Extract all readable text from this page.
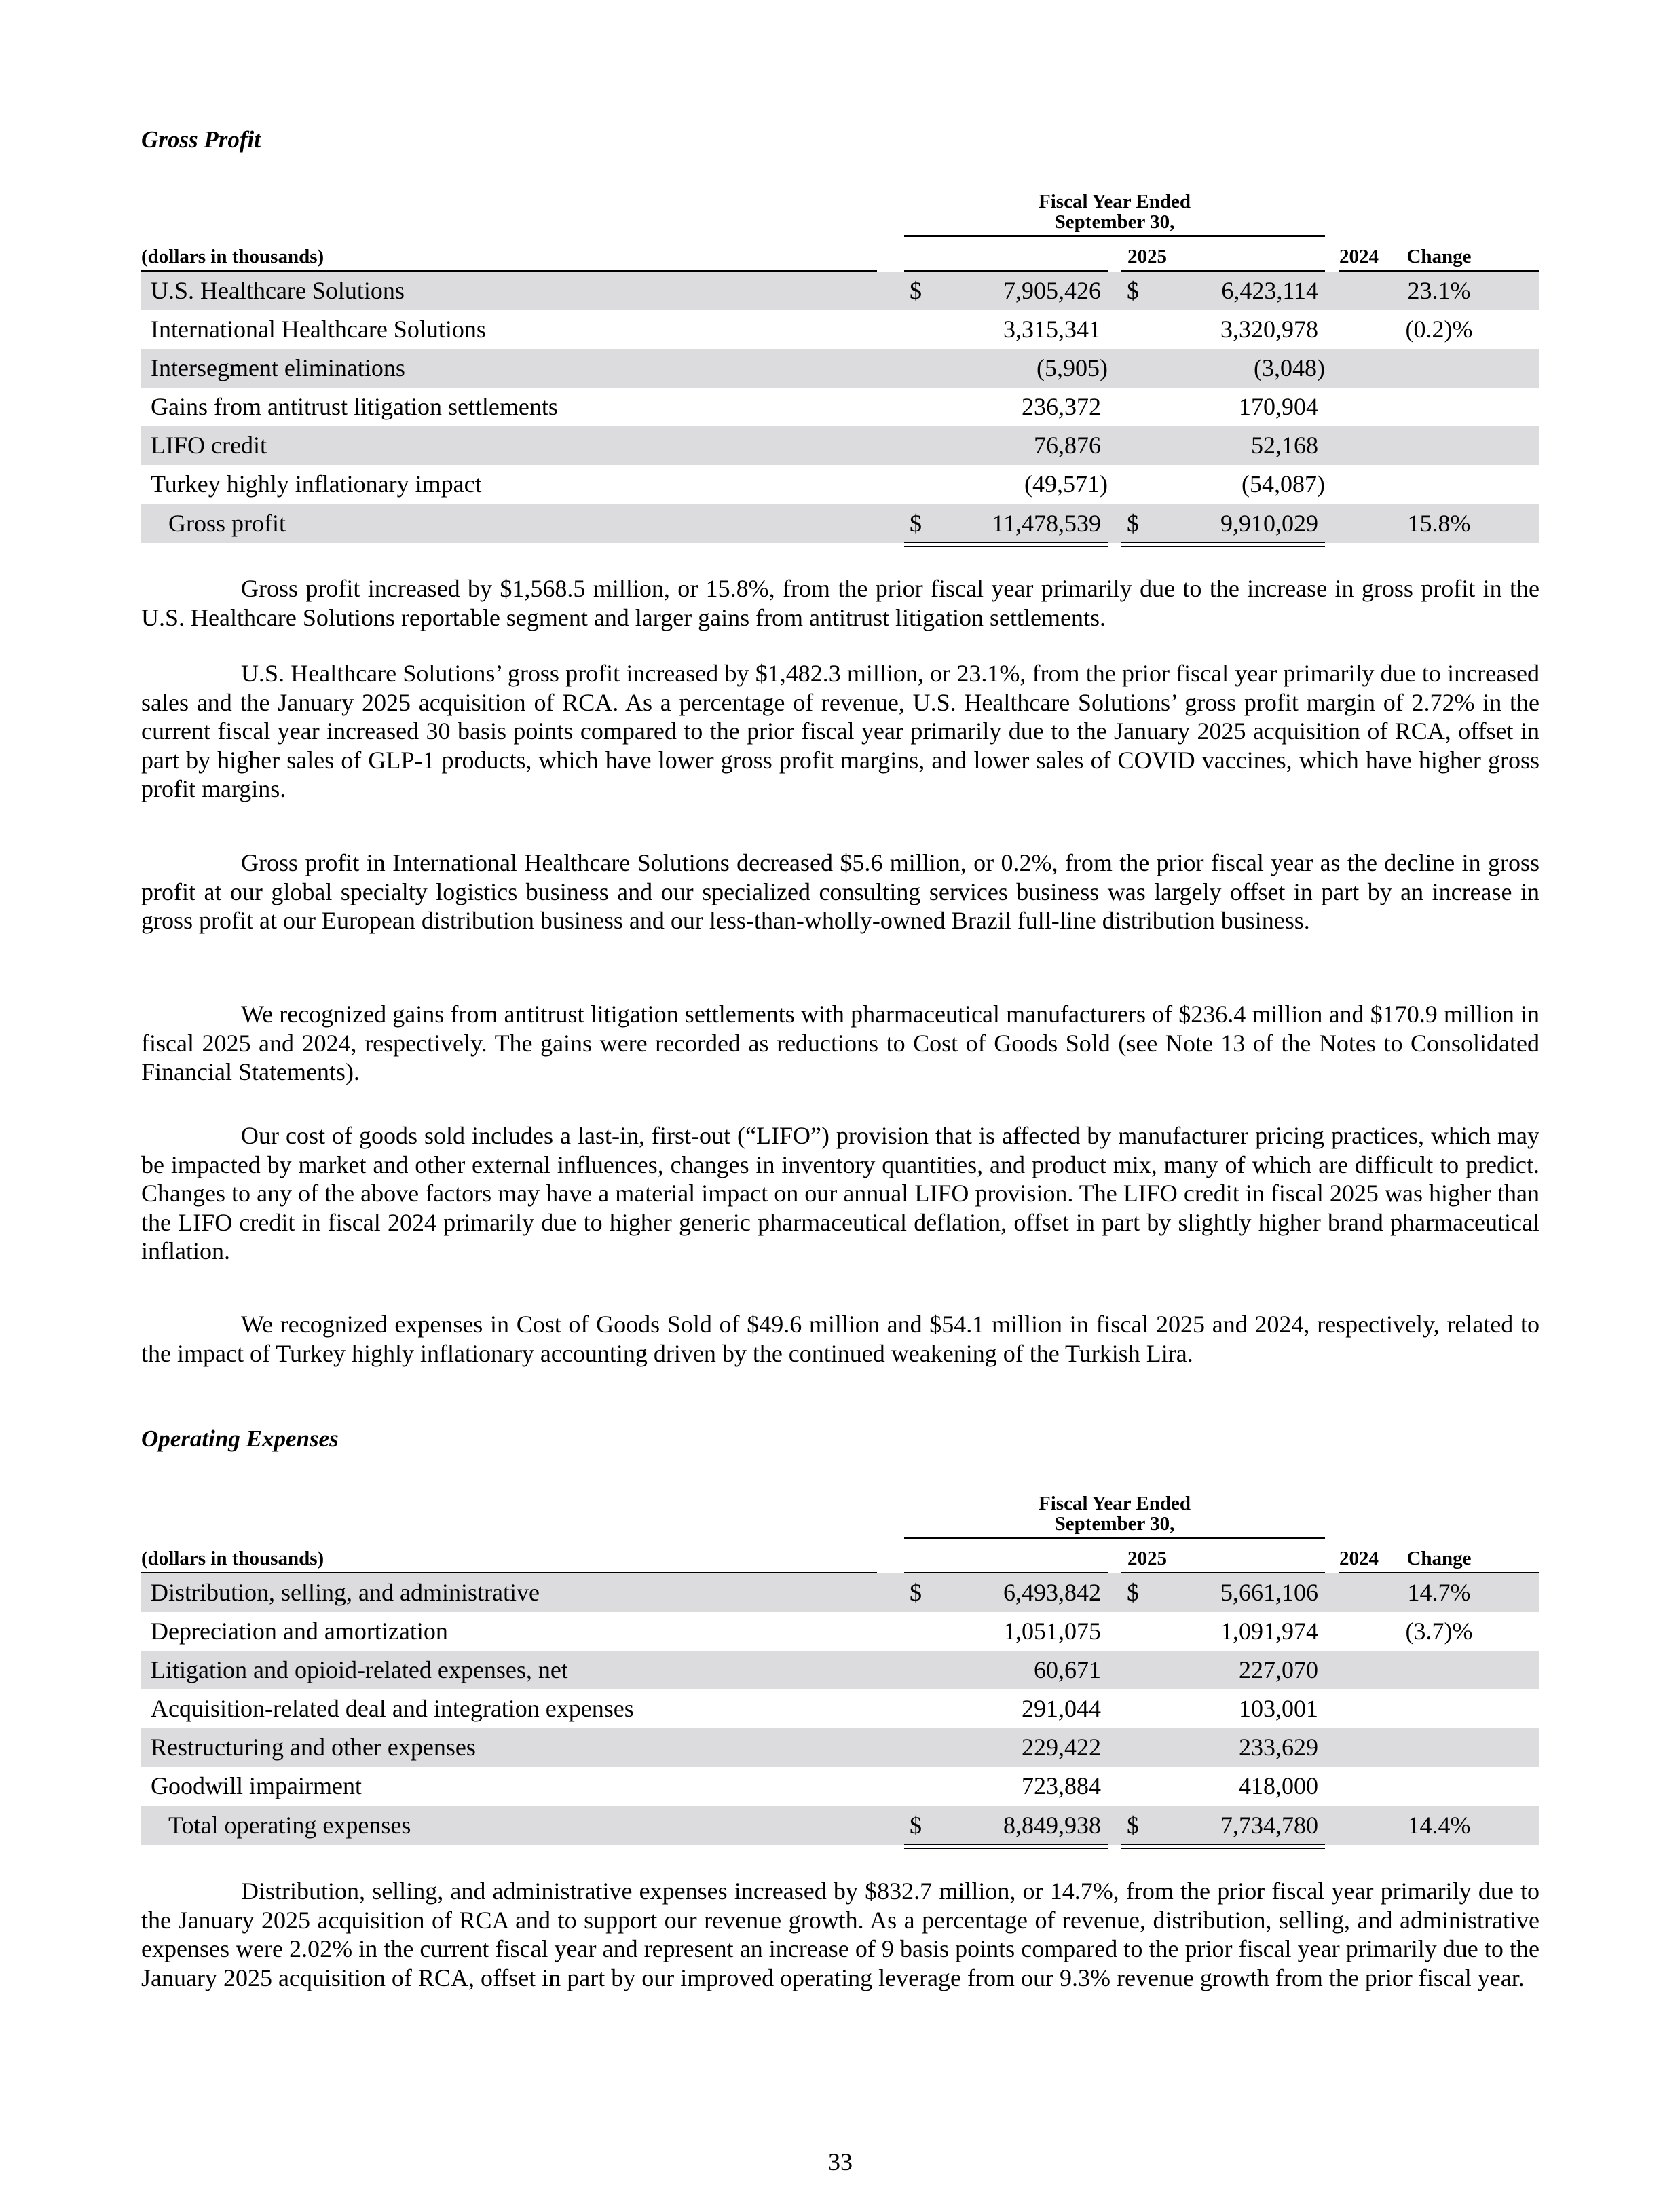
Gross Profit
Fiscal Year Ended
September 30,
(dollars in thousands)	2025	2024	Change
U.S. Healthcare Solutions	$	7,905,426 $	6,423,114	23.1%
International Healthcare Solutions	3,315,341	3,320,978	(0.2)%
Intersegment eliminations	(5,905)	(3,048)
Gains from antitrust litigation settlements	236,372	170,904
LIFO credit	76,876	52,168
Turkey highly inflationary impact	(49,571)	(54,087)
Gross profit	$	11,478,539 $	9,910,029	15.8%

Gross profit increased by $1,568.5 million, or 15.8%, from the prior fiscal year primarily due to the increase in gross profit in the U.S. Healthcare Solutions reportable segment and larger gains from antitrust litigation settlements.

U.S. Healthcare Solutions’ gross profit increased by $1,482.3 million, or 23.1%, from the prior fiscal year primarily due to increased sales and the January 2025 acquisition of RCA. As a percentage of revenue, U.S. Healthcare Solutions’ gross profit margin of 2.72% in the current fiscal year increased 30 basis points compared to the prior fiscal year primarily due to the January 2025 acquisition of RCA, offset in part by higher sales of GLP-1 products, which have lower gross profit margins, and lower sales of COVID vaccines, which have higher gross profit margins.

Gross profit in International Healthcare Solutions decreased $5.6 million, or 0.2%, from the prior fiscal year as the decline in gross profit at our global specialty logistics business and our specialized consulting services business was largely offset in part by an increase in gross profit at our European distribution business and our less-than-wholly-owned Brazil full-line distribution business.

We recognized gains from antitrust litigation settlements with pharmaceutical manufacturers of $236.4 million and $170.9 million in fiscal 2025 and 2024, respectively. The gains were recorded as reductions to Cost of Goods Sold (see Note 13 of the Notes to Consolidated Financial Statements).

Our cost of goods sold includes a last-in, first-out (“LIFO”) provision that is affected by manufacturer pricing practices, which may be impacted by market and other external influences, changes in inventory quantities, and product mix, many of which are difficult to predict. Changes to any of the above factors may have a material impact on our annual LIFO provision. The LIFO credit in fiscal 2025 was higher than the LIFO credit in fiscal 2024 primarily due to higher generic pharmaceutical deflation, offset in part by slightly higher brand pharmaceutical inflation.

We recognized expenses in Cost of Goods Sold of $49.6 million and $54.1 million in fiscal 2025 and 2024, respectively, related to the impact of Turkey highly inflationary accounting driven by the continued weakening of the Turkish Lira.

Operating Expenses
Fiscal Year Ended
September 30,
(dollars in thousands)	2025	2024	Change
Distribution, selling, and administrative	$	6,493,842 $	5,661,106	14.7%
Depreciation and amortization	1,051,075	1,091,974	(3.7)%
Litigation and opioid-related expenses, net	60,671	227,070
Acquisition-related deal and integration expenses	291,044	103,001
Restructuring and other expenses	229,422	233,629
Goodwill impairment	723,884	418,000
Total operating expenses	$	8,849,938 $	7,734,780	14.4%

Distribution, selling, and administrative expenses increased by $832.7 million, or 14.7%, from the prior fiscal year primarily due to the January 2025 acquisition of RCA and to support our revenue growth. As a percentage of revenue, distribution, selling, and administrative expenses were 2.02% in the current fiscal year and represent an increase of 9 basis points compared to the prior fiscal year primarily due to the January 2025 acquisition of RCA, offset in part by our improved operating leverage from our 9.3% revenue growth from the prior fiscal year.

33
